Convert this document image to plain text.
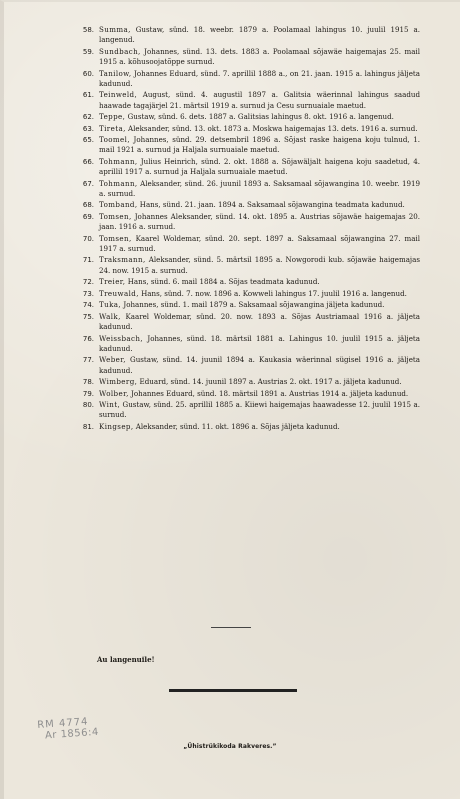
58. Summa, Gustaw, sünd. 18. weebr. 1879 a. Poolamaal lahingus 10. juulil 1915 a. langenud.
59. Sundbach, Johannes, sünd. 13. dets. 1883 a. Poolamaal sõjawäe haigemajas 25. mail 1915 a. kõhusoojatõppe surnud.
60. Tanilow, Johannes Eduard, sünd. 7. aprillil 1888 a., on 21. jaan. 1915 a. lahingus jäljeta kadunud.
61. Teinweld, August, sünd. 4. augustil 1897 a. Galitsia wäerinnal lahingus saadud haawade tagajärjel 21. märtsil 1919 a. surnud ja Cesu surnuaiale maetud.
62. Teppe, Gustaw, sünd. 6. dets. 1887 a. Galitsias lahingus 8. okt. 1916 a. langenud.
63. Tireta, Aleksander, sünd. 13. okt. 1873 a. Moskwa haigemajas 13. dets. 1916 a. surnud.
65. Toomel, Johannes, sünd. 29. detsembril 1896 a. Sõjast raske haigena koju tulnud, 1. mail 1921 a. surnud ja Haljala surnuaiale maetud.
66. Tohmann, Julius Heinrich, sünd. 2. okt. 1888 a. Sõjawäljalt haigena koju saadetud, 4. aprillil 1917 a. surnud ja Haljala surnuaiale maetud.
67. Tohmann, Aleksander, sünd. 26. juunil 1893 a. Saksamaal sõjawangina 10. weebr. 1919 a. surnud.
68. Tomband, Hans, sünd. 21. jaan. 1894 a. Saksamaal sõjawangina teadmata kadunud.
69. Tomsen, Johannes Aleksander, sünd. 14. okt. 1895 a. Austrias sõjawäe haigemajas 20. jaan. 1916 a. surnud.
70. Tomsen, Kaarel Woldemar, sünd. 20. sept. 1897 a. Saksamaal sõjawangina 27. mail 1917 a. surnud.
71. Traksmann, Aleksander, sünd. 5. märtsil 1895 a. Nowgorodi kub. sõjawäe haigemajas 24. now. 1915 a. surnud.
72. Treier, Hans, sünd. 6. mail 1884 a. Sõjas teadmata kadunud.
73. Treuwald, Hans, sünd. 7. now. 1896 a. Kowweli lahingus 17. juulil 1916 a. langenud.
74. Tuka, Johannes, sünd. 1. mail 1879 a. Saksamaal sõjawangina jäljeta kadunud.
75. Walk, Kaarel Woldemar, sünd. 20. now. 1893 a. Sõjas Austriamaal 1916 a. jäljeta kadunud.
76. Weissbach, Johannes, sünd. 18. märtsil 1881 a. Lahingus 10. juulil 1915 a. jäljeta kadunud.
77. Weber, Gustaw, sünd. 14. juunil 1894 a. Kaukasia wäerinnal sügisel 1916 a. jäljeta kadunud.
78. Wimberg, Eduard, sünd. 14. juunil 1897 a. Austrias 2. okt. 1917 a. jäljeta kadunud.
79. Wolber, Johannes Eduard, sünd. 18. märtsil 1891 a. Austrias 1914 a. jäljeta kadunud.
80. Wint, Gustaw, sünd. 25. aprillil 1885 a. Kiiewi haigemajas haawadesse 12. juulil 1915 a. surnud.
81. Kingsep, Aleksander, sünd. 11. okt. 1896 a. Sõjas jäljeta kadunud.
Au langenuile!
RM 4774
Ar 1856:4
„Ühistrükikoda Rakveres.”
